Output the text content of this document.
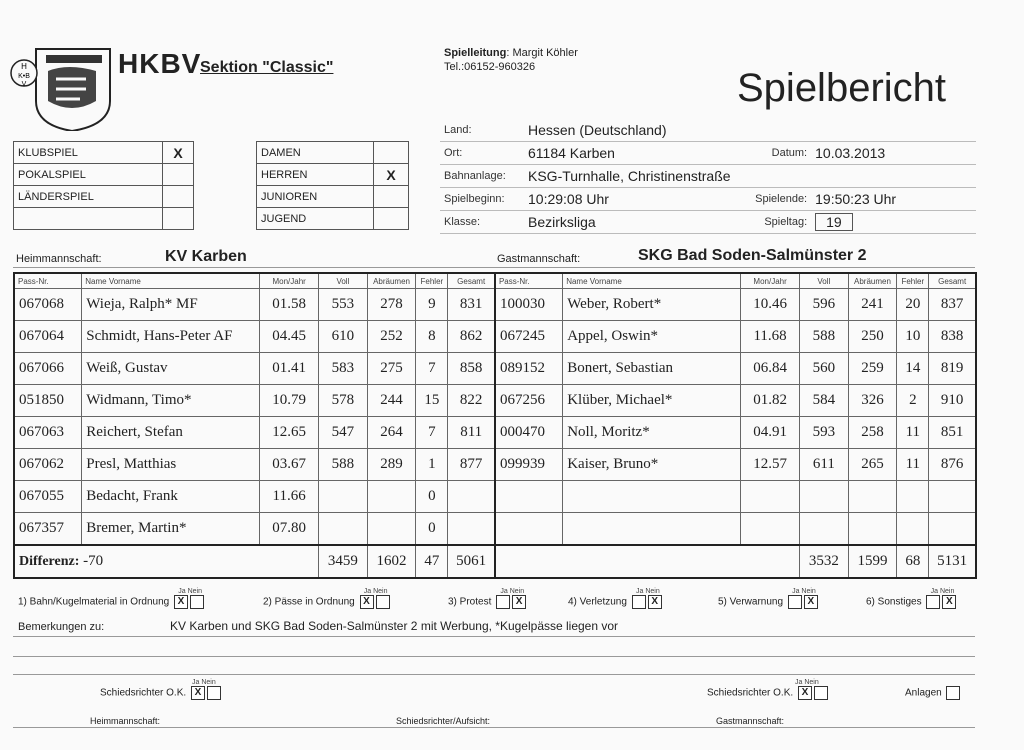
H
K•B
V
HKBV
Sektion "Classic"
Spielleitung: Margit Köhler
Tel.:06152-960326	Spielbericht
KLUBSPIEL	X
POKALSPIEL	
LÄNDERSPIEL	

DAMEN	
HERREN	X
JUNIOREN	
JUGEND	
Land:	Hessen (Deutschland)		
Ort:	61184 Karben	Datum:	10.03.2013
Bahnanlage:	KSG-Turnhalle, Christinenstraße		
Spielbeginn:	10:29:08 Uhr	Spielende:	19:50:23 Uhr
Klasse:	Bezirksliga	Spieltag:	19
Heimmannschaft:	KV Karben	Gastmannschaft:	SKG Bad Soden-Salmünster 2
Pass-Nr.	Name Vorname	Mon/Jahr	Voll	Abräumen	Fehler	Gesamt	Pass-Nr.	Name Vorname	Mon/Jahr	Voll	Abräumen	Fehler	Gesamt
067068	Wieja, Ralph* MF	01.58	553	278	9	831	100030	Weber, Robert*	10.46	596	241	20	837
067064	Schmidt, Hans-Peter AF	04.45	610	252	8	862	067245	Appel, Oswin*	11.68	588	250	10	838
067066	Weiß, Gustav	01.41	583	275	7	858	089152	Bonert, Sebastian	06.84	560	259	14	819
051850	Widmann, Timo*	10.79	578	244	15	822	067256	Klüber, Michael*	01.82	584	326	2	910
067063	Reichert, Stefan	12.65	547	264	7	811	000470	Noll, Moritz*	04.91	593	258	11	851
067062	Presl, Matthias	03.67	588	289	1	877	099939	Kaiser, Bruno*	12.57	611	265	11	876
067055	Bedacht, Frank	11.66			0								
067357	Bremer, Martin*	07.80			0								
Differenz: -70			3459	1602	47	5061				3532	1599	68	5131
Ja Nein
1) Bahn/Kugelmaterial in Ordnung X
Ja Nein
2) Pässe in Ordnung X
Ja Nein
3) Protest X
Ja Nein
4) Verletzung X
Ja Nein
5) Verwarnung X
Ja Nein
6) Sonstiges X
Bemerkungen zu:	KV Karben und SKG Bad Soden-Salmünster 2 mit Werbung, *Kugelpässe liegen vor
Ja Nein
Schiedsrichter O.K. X
Ja Nein
Schiedsrichter O.K. X	Anlagen
Heimmannschaft:	Schiedsrichter/Aufsicht:	Gastmannschaft:
